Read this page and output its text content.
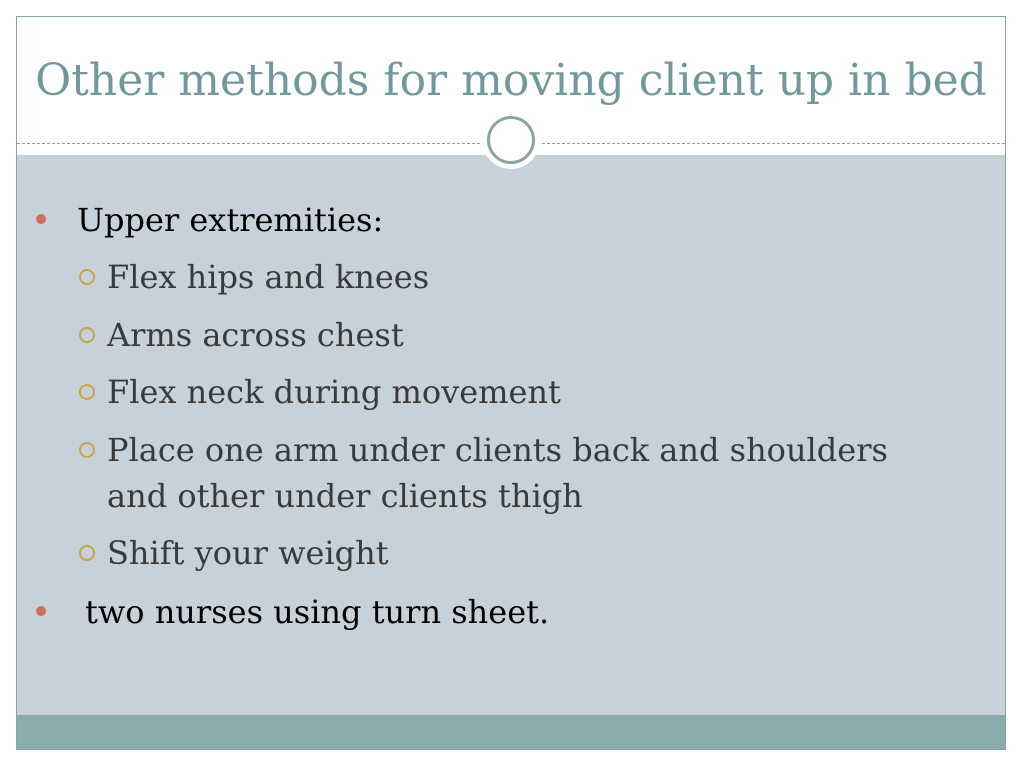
Other methods for moving client up in bed
Upper extremities:
Flex hips and knees
Arms across chest
Flex neck during movement
Place one arm under clients back and shoulders
and other under clients thigh
Shift your weight
two nurses using turn sheet.
